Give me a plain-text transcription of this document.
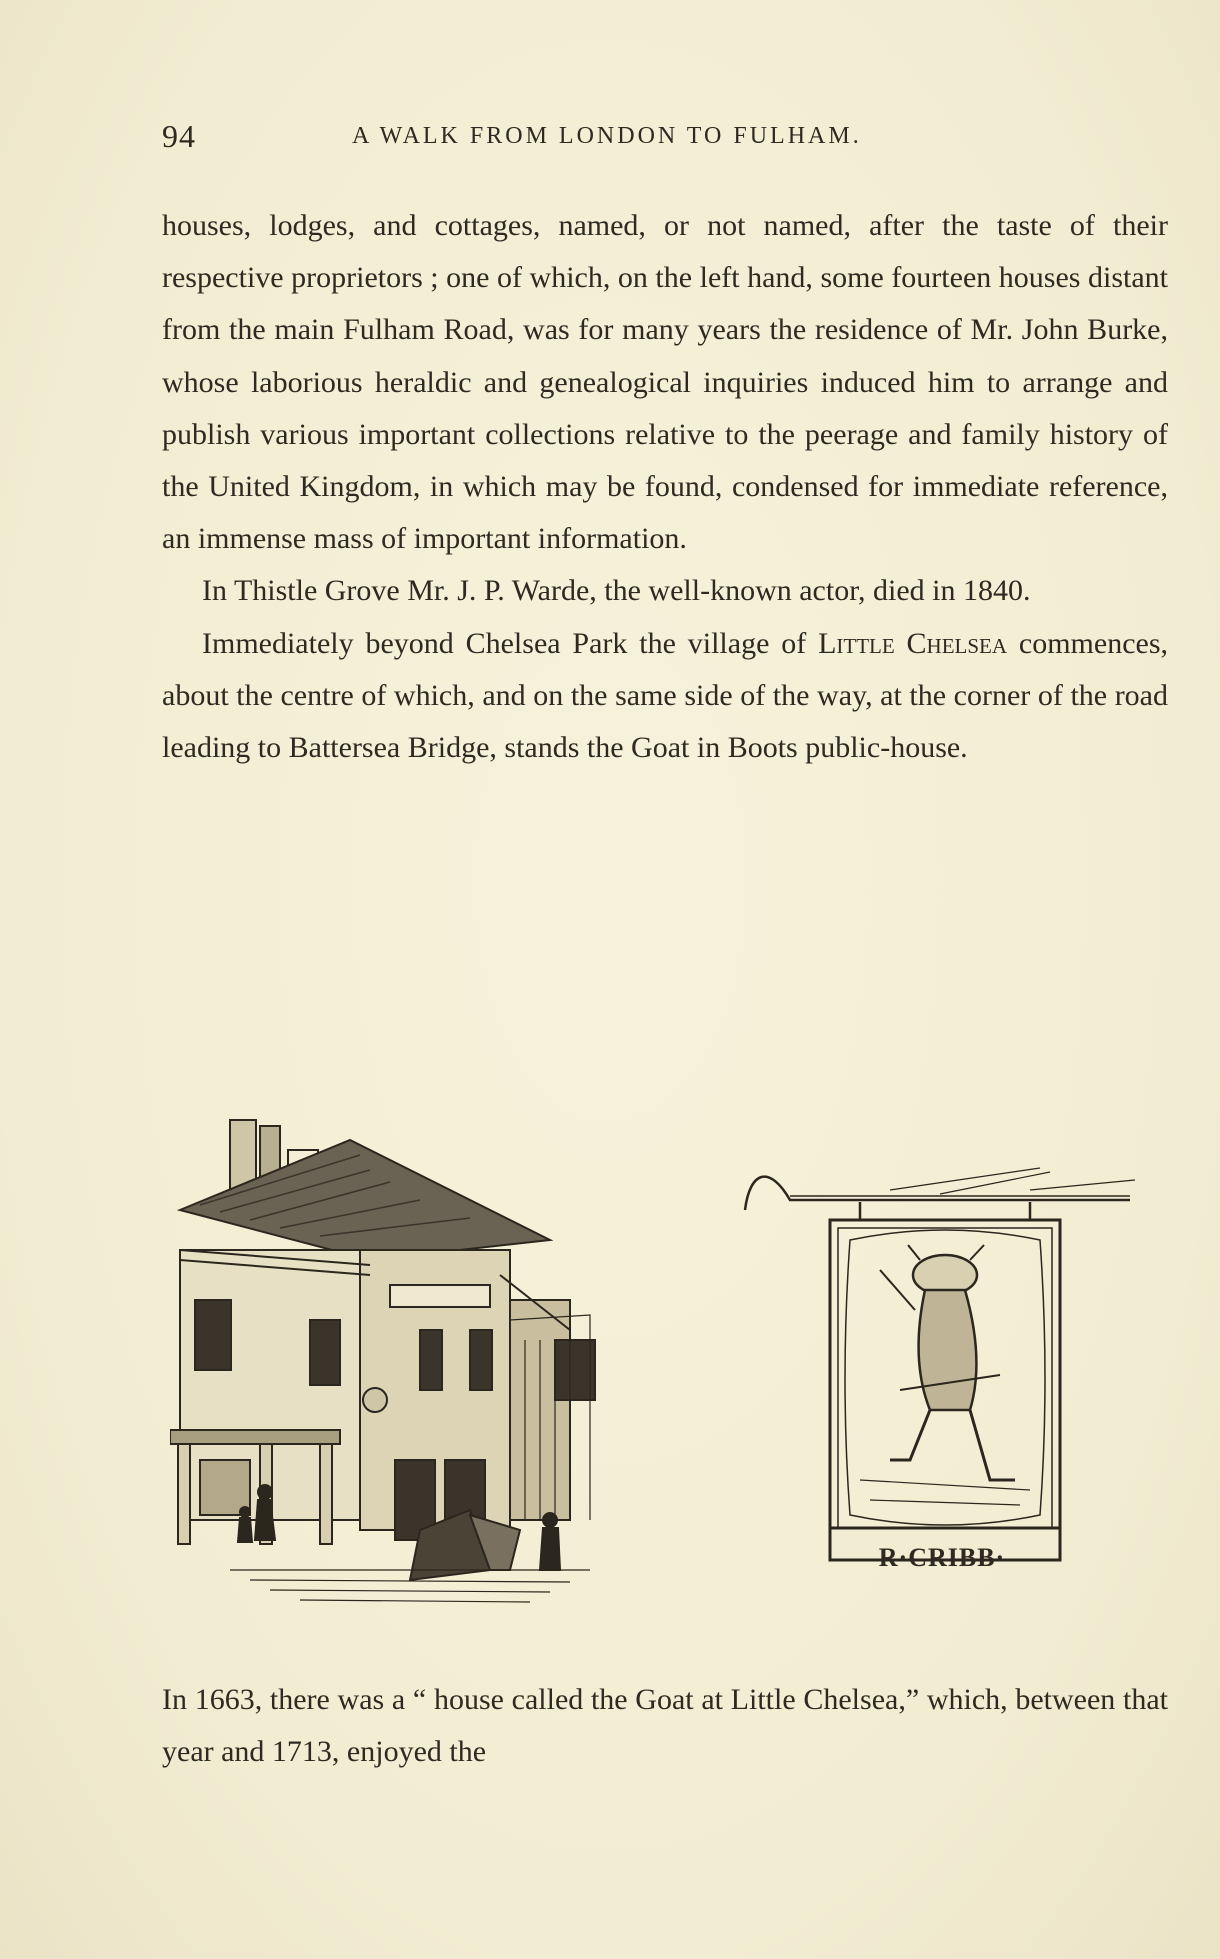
94	A WALK FROM LONDON TO FULHAM.

houses, lodges, and cottages, named, or not named, after the taste of their respective proprietors ; one of which, on the left hand, some fourteen houses distant from the main Fulham Road, was for many years the residence of Mr. John Burke, whose laborious heraldic and genealogical inquiries induced him to arrange and publish various important collections relative to the peerage and family history of the United Kingdom, in which may be found, condensed for immediate reference, an immense mass of important information.

In Thistle Grove Mr. J. P. Warde, the well-known actor, died in 1840.

Immediately beyond Chelsea Park the village of Little Chelsea commences, about the centre of which, and on the same side of the way, at the corner of the road leading to Battersea Bridge, stands the Goat in Boots public-house.

R·CRIBB·

In 1663, there was a “ house called the Goat at Little Chelsea,” which, between that year and 1713, enjoyed the
